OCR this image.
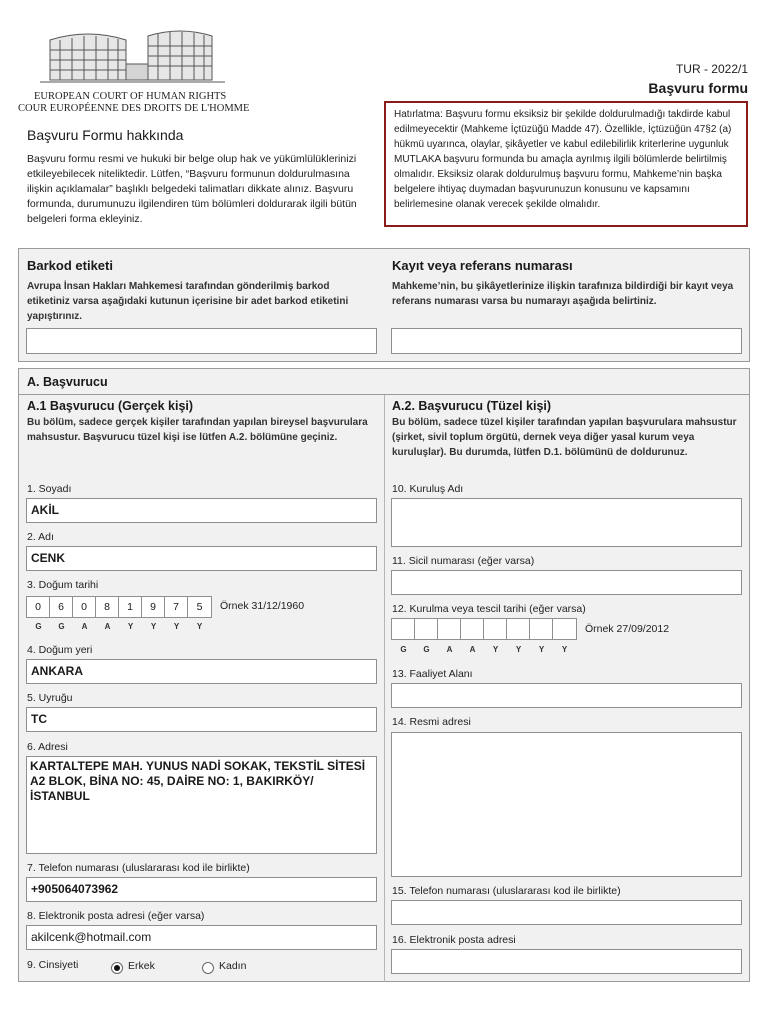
EUROPEAN COURT OF HUMAN RIGHTS
COUR EUROPÉENNE DES DROITS DE L'HOMME
TUR - 2022/1
Başvuru formu
Başvuru Formu hakkında
Başvuru formu resmi ve hukuki bir belge olup hak ve yükümlülüklerinizi etkileyebilecek niteliktedir. Lütfen, “Başvuru formunun doldurulmasına ilişkin açıklamalar” başlıklı belgedeki talimatları dikkate alınız. Başvuru formunda, durumunuzu ilgilendiren tüm bölümleri doldurarak ilgili bütün belgeleri forma ekleyiniz.
Hatırlatma: Başvuru formu eksiksiz bir şekilde doldurulmadığı takdirde kabul edilmeyecektir (Mahkeme İçtüzüğü Madde 47). Özellikle, İçtüzüğün 47§2 (a) hükmü uyarınca, olaylar, şikâyetler ve kabul edilebilirlik kriterlerine uygunluk MUTLAKA başvuru formunda bu amaçla ayrılmış ilgili bölümlerde belirtilmiş olmalıdır. Eksiksiz olarak doldurulmuş başvuru formu, Mahkeme’nin başka belgelere ihtiyaç duymadan başvurunuzun konusunu ve kapsamını belirlemesine olanak verecek şekilde olmalıdır.
Barkod etiketi
Avrupa İnsan Hakları Mahkemesi tarafından gönderilmiş barkod etiketiniz varsa aşağıdaki kutunun içerisine bir adet barkod etiketini yapıştırınız.
Kayıt veya referans numarası
Mahkeme’nin, bu şikâyetlerinize ilişkin tarafınıza bildirdiği bir kayıt veya referans numarası varsa bu numarayı aşağıda belirtiniz.
A. Başvurucu
A.1 Başvurucu (Gerçek kişi)
Bu bölüm, sadece gerçek kişiler tarafından yapılan bireysel başvurulara mahsustur. Başvurucu tüzel kişi ise lütfen A.2. bölümüne geçiniz.
1. Soyadı
AKİL
2. Adı
CENK
3. Doğum tarihi
0	6	0	8	1	9	7	5	Örnek 31/12/1960
G	G	A	A	Y	Y	Y	Y
4. Doğum yeri
ANKARA
5. Uyruğu
TC
6. Adresi
KARTALTEPE MAH. YUNUS NADİ SOKAK, TEKSTİL SİTESİ A2 BLOK, BİNA NO: 45, DAİRE NO: 1, BAKIRKÖY/İSTANBUL
7. Telefon numarası (uluslararası kod ile birlikte)
+905064073962
8. Elektronik posta adresi (eğer varsa)
akilcenk@hotmail.com
9. Cinsiyeti	Erkek	Kadın
A.2. Başvurucu (Tüzel kişi)
Bu bölüm, sadece tüzel kişiler tarafından yapılan başvurulara mahsustur (şirket, sivil toplum örgütü, dernek veya diğer yasal kurum veya kuruluşlar). Bu durumda, lütfen D.1. bölümünü de doldurunuz.
10. Kuruluş Adı
11. Sicil numarası (eğer varsa)
12. Kurulma veya tescil tarihi (eğer varsa)
Örnek 27/09/2012
G	G	A	A	Y	Y	Y	Y
13. Faaliyet Alanı
14. Resmi adresi
15. Telefon numarası (uluslararası kod ile birlikte)
16. Elektronik posta adresi
